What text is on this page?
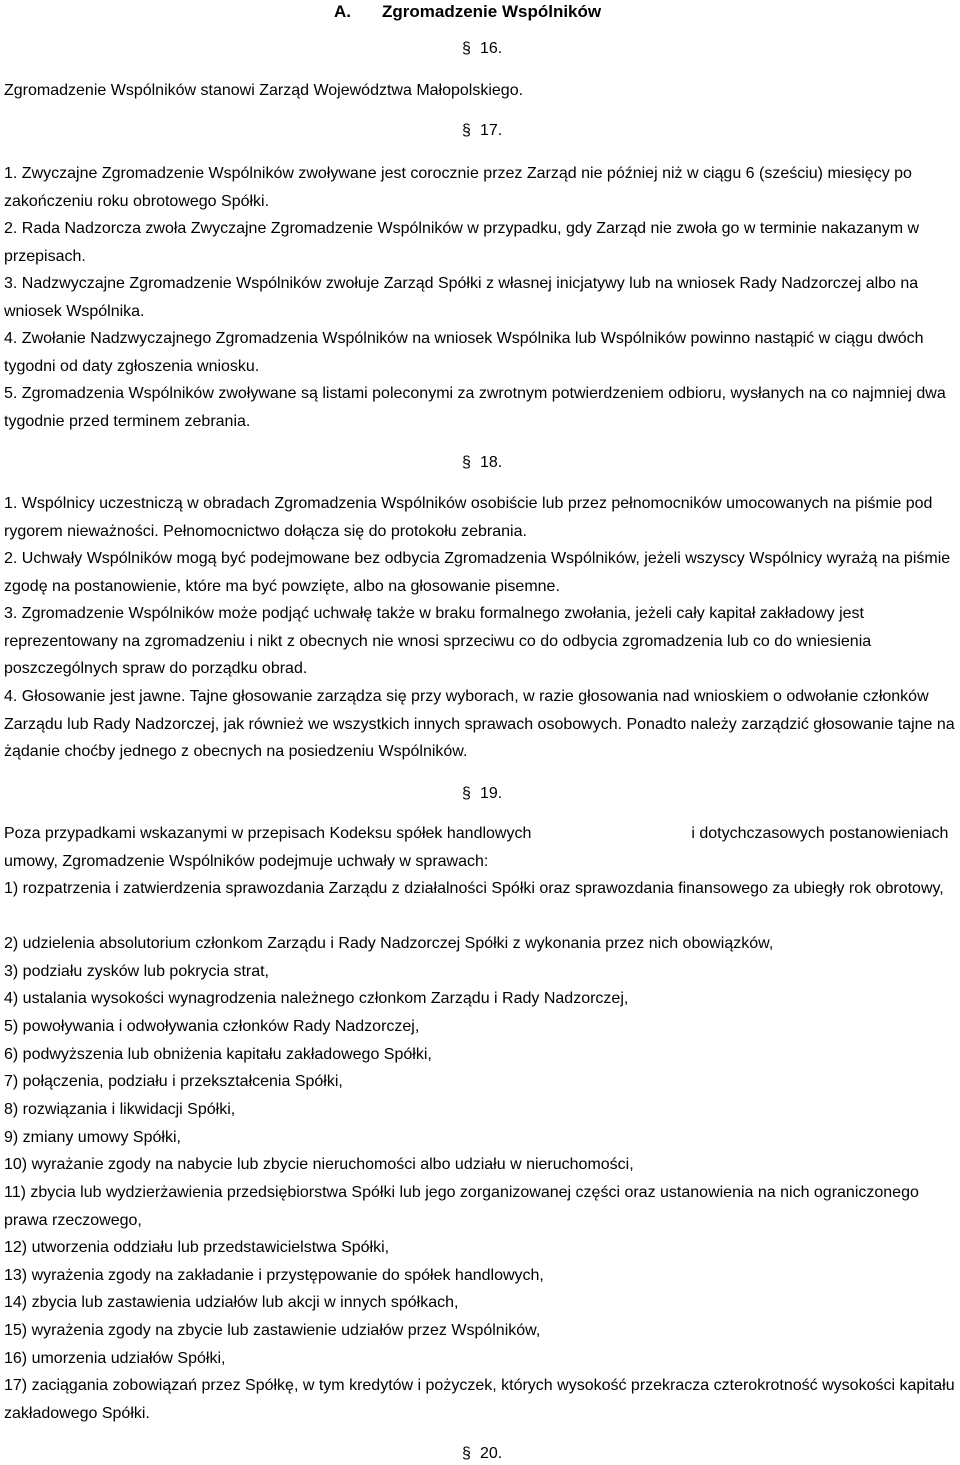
A. Zgromadzenie Wspólników
§ 16.
Zgromadzenie Wspólników stanowi Zarząd Województwa Małopolskiego.
§ 17.
1. Zwyczajne Zgromadzenie Wspólników zwoływane jest corocznie przez Zarząd nie później niż w ciągu 6 (sześciu) miesięcy po zakończeniu roku obrotowego Spółki.
2. Rada Nadzorcza zwoła Zwyczajne Zgromadzenie Wspólników w przypadku, gdy Zarząd nie zwoła go w terminie nakazanym w przepisach.
3. Nadzwyczajne Zgromadzenie Wspólników zwołuje Zarząd Spółki z własnej inicjatywy lub na wniosek Rady Nadzorczej albo na wniosek Wspólnika.
4. Zwołanie Nadzwyczajnego Zgromadzenia Wspólników na wniosek Wspólnika lub Wspólników powinno nastąpić w ciągu dwóch tygodni od daty zgłoszenia wniosku.
5. Zgromadzenia Wspólników zwoływane są listami poleconymi za zwrotnym potwierdzeniem odbioru, wysłanych na co najmniej dwa tygodnie przed terminem zebrania.
§ 18.
1. Wspólnicy uczestniczą w obradach Zgromadzenia Wspólników osobiście lub przez pełnomocników umocowanych na piśmie pod rygorem nieważności. Pełnomocnictwo dołącza się do protokołu zebrania.
2. Uchwały Wspólników mogą być podejmowane bez odbycia Zgromadzenia Wspólników, jeżeli wszyscy Wspólnicy wyrażą na piśmie zgodę na postanowienie, które ma być powzięte, albo na głosowanie pisemne.
3. Zgromadzenie Wspólników może podjąć uchwałę także w braku formalnego zwołania, jeżeli cały kapitał zakładowy jest reprezentowany na zgromadzeniu i nikt z obecnych nie wnosi sprzeciwu co do odbycia zgromadzenia lub co do wniesienia poszczególnych spraw do porządku obrad.
4. Głosowanie jest jawne. Tajne głosowanie zarządza się przy wyborach, w razie głosowania nad wnioskiem o odwołanie członków Zarządu lub Rady Nadzorczej, jak również we wszystkich innych sprawach osobowych. Ponadto należy zarządzić głosowanie tajne na żądanie choćby jednego z obecnych na posiedzeniu Wspólników.
§ 19.
Poza przypadkami wskazanymi w przepisach Kodeksu spółek handlowych	i dotychczasowych postanowieniach umowy, Zgromadzenie Wspólników podejmuje uchwały w sprawach:
1) rozpatrzenia i zatwierdzenia sprawozdania Zarządu z działalności Spółki oraz sprawozdania finansowego za ubiegły rok obrotowy,
2) udzielenia absolutorium członkom Zarządu i Rady Nadzorczej Spółki z wykonania przez nich obowiązków,
3) podziału zysków lub pokrycia strat,
4) ustalania wysokości wynagrodzenia należnego członkom Zarządu i Rady Nadzorczej,
5) powoływania i odwoływania członków Rady Nadzorczej,
6) podwyższenia lub obniżenia kapitału zakładowego Spółki,
7) połączenia, podziału i przekształcenia Spółki,
8) rozwiązania i likwidacji Spółki,
9) zmiany umowy Spółki,
10) wyrażanie zgody na nabycie lub zbycie nieruchomości albo udziału w nieruchomości,
11) zbycia lub wydzierżawienia przedsiębiorstwa Spółki lub jego zorganizowanej części oraz ustanowienia na nich ograniczonego prawa rzeczowego,
12) utworzenia oddziału lub przedstawicielstwa Spółki,
13) wyrażenia zgody na zakładanie i przystępowanie do spółek handlowych,
14) zbycia lub zastawienia udziałów lub akcji w innych spółkach,
15) wyrażenia zgody na zbycie lub zastawienie udziałów przez Wspólników,
16) umorzenia udziałów Spółki,
17) zaciągania zobowiązań przez Spółkę, w tym kredytów i pożyczek, których wysokość przekracza czterokrotność wysokości kapitału zakładowego Spółki.
§ 20.
